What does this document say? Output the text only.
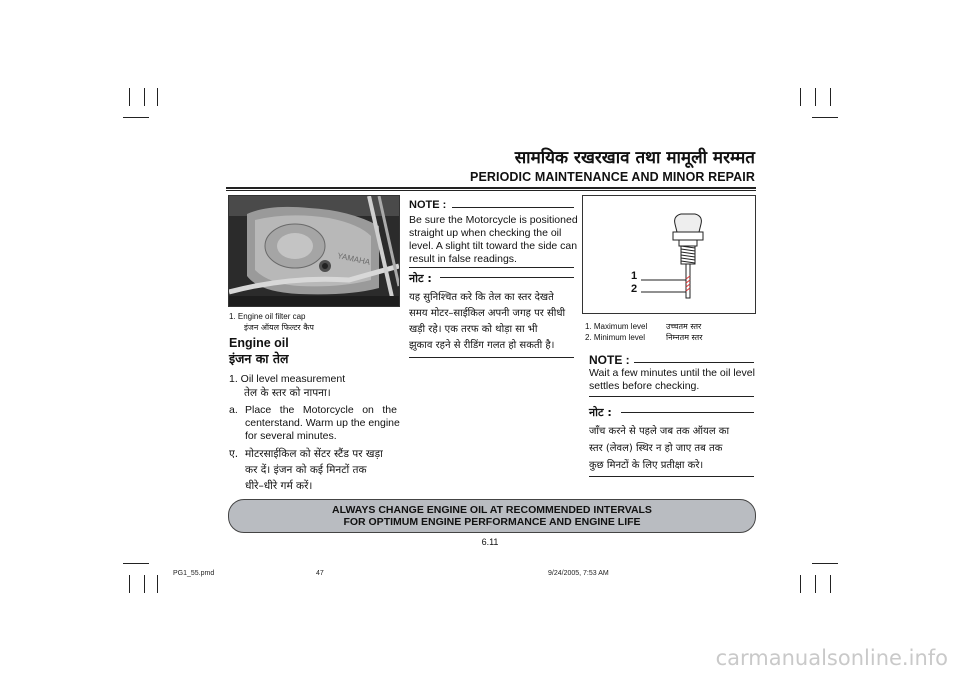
सामयिक रखरखाव तथा मामूली मरम्मत
PERIODIC MAINTENANCE AND MINOR REPAIR
YAMAHA
1. Engine oil filter cap
इंजन ऑयल फिल्टर कैप
Engine oil
इंजन का तेल
1. Oil level measurement
तेल के स्तर को नापना।
a. Place the Motorcycle on the
centerstand. Warm up the engine
for several minutes.
ए. मोटरसाईकिल को सेंटर स्टैंड पर खड़ा
कर दें। इंजन को कई मिनटों तक
धीरे–धीरे गर्म करें।
NOTE :
Be sure the Motorcycle is positioned
straight up when checking the oil
level. A slight tilt toward the side can
result in false readings.
नोट :
यह सुनिश्चित करे कि तेल का स्तर देखते
समय मोटर–साईकिल अपनी जगह पर सीधी
खड़ी रहे। एक तरफ को थोड़ा सा भी
झुकाव रहने से रीडिंग गलत हो सकती है।
1
2
1. Maximum level उच्चतम स्तर
2. Minimum level	निम्नतम स्तर
NOTE :
Wait a few minutes until the oil level
settles before checking.
नोट :
जाँच करने से पहले जब तक ऑयल का
स्तर (लेवल) स्थिर न हो जाए तब तक
कुछ मिनटों के लिए प्रतीक्षा करे।
ALWAYS CHANGE ENGINE OIL AT RECOMMENDED INTERVALS
FOR OPTIMUM ENGINE PERFORMANCE AND ENGINE LIFE
6.11
PG1_55.pmd	47	9/24/2005, 7:53 AM
carmanualsonline.info
